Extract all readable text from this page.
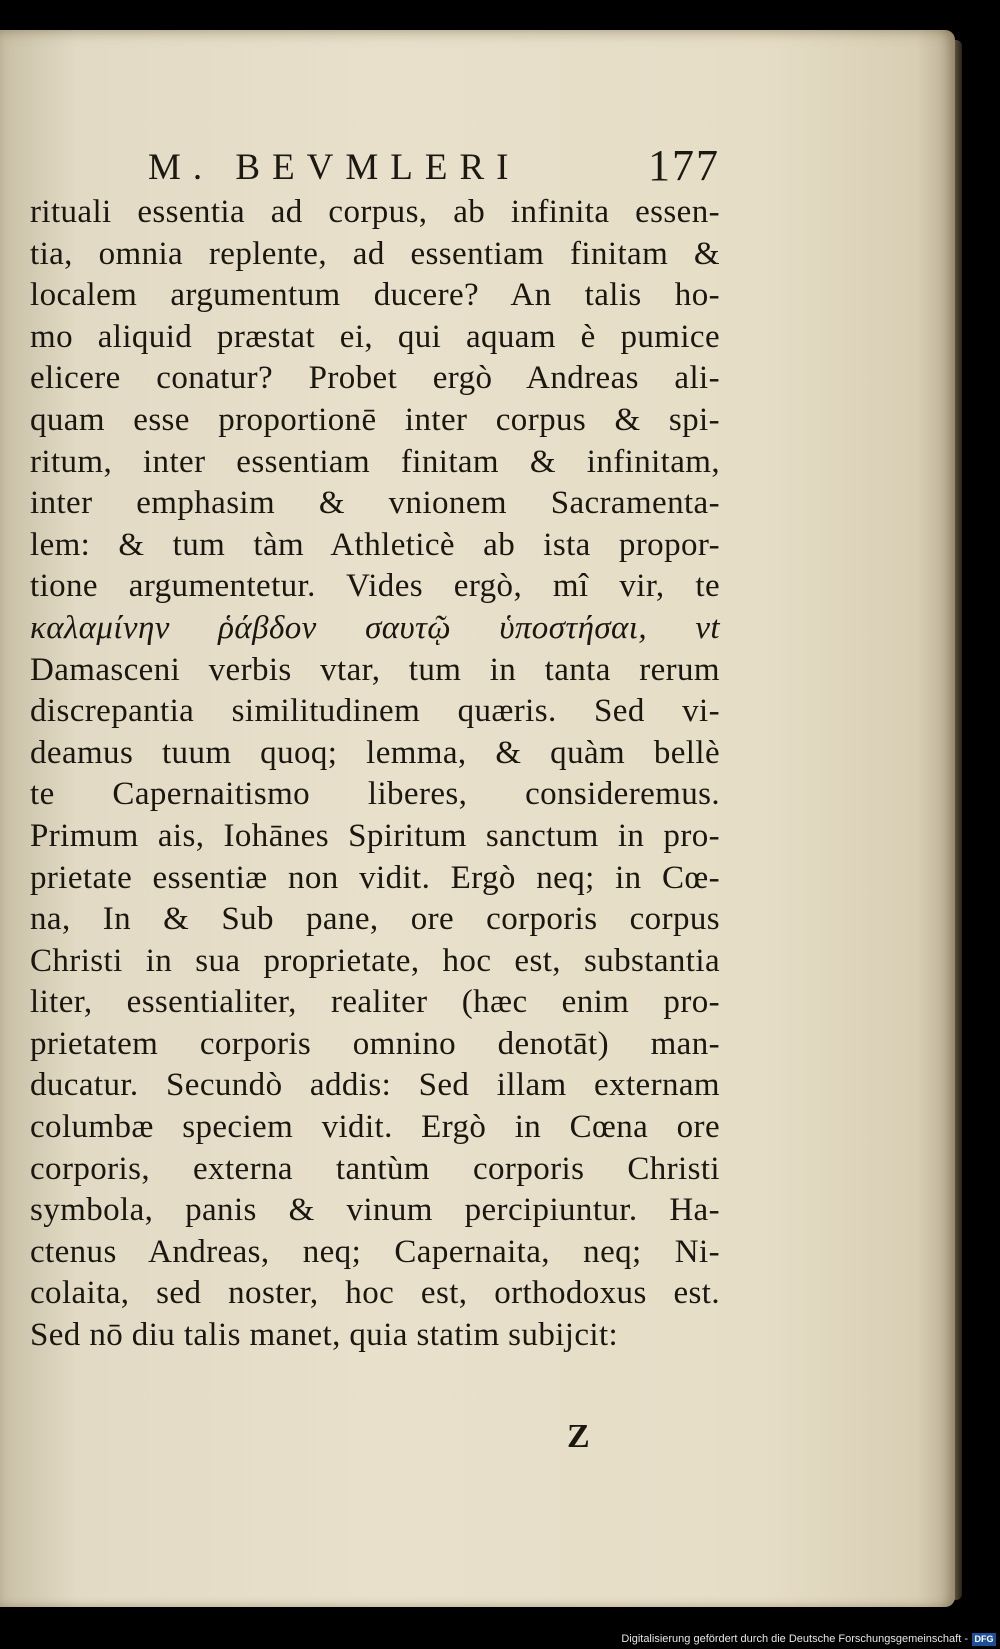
M. BEVMLERI	177
rituali essentia ad corpus, ab infinita essen-
tia, omnia replente, ad essentiam finitam &
localem argumentum ducere? An talis ho-
mo aliquid præstat ei, qui aquam è pumice
elicere conatur? Probet ergò Andreas ali-
quam esse proportionē inter corpus & spi-
ritum, inter essentiam finitam & infinitam,
inter emphasim & vnionem Sacramenta-
lem: & tum tàm Athleticè ab ista propor-
tione argumentetur. Vides ergò, mî vir, te
καλαμίνην ῥάβδον σαυτῷ ὑποστήσαι, vt
Damasceni verbis vtar, tum in tanta rerum
discrepantia similitudinem quæris. Sed vi-
deamus tuum quoq; lemma, & quàm bellè
te Capernaitismo liberes, consideremus.
Primum ais, Iohānes Spiritum sanctum in pro-
prietate essentiæ non vidit. Ergò neq; in Cœ-
na, In & Sub pane, ore corporis corpus
Christi in sua proprietate, hoc est, substantia
liter, essentialiter, realiter (hæc enim pro-
prietatem corporis omnino denotāt) man-
ducatur. Secundò addis: Sed illam externam
columbæ speciem vidit. Ergò in Cœna ore
corporis, externa tantùm corporis Christi
symbola, panis & vinum percipiuntur. Ha-
ctenus Andreas, neq; Capernaita, neq; Ni-
colaita, sed noster, hoc est, orthodoxus est.
Sed nō diu talis manet, quia statim subijcit:
Z
Digitalisierung gefördert durch die Deutsche Forschungsgemeinschaft - DFG
